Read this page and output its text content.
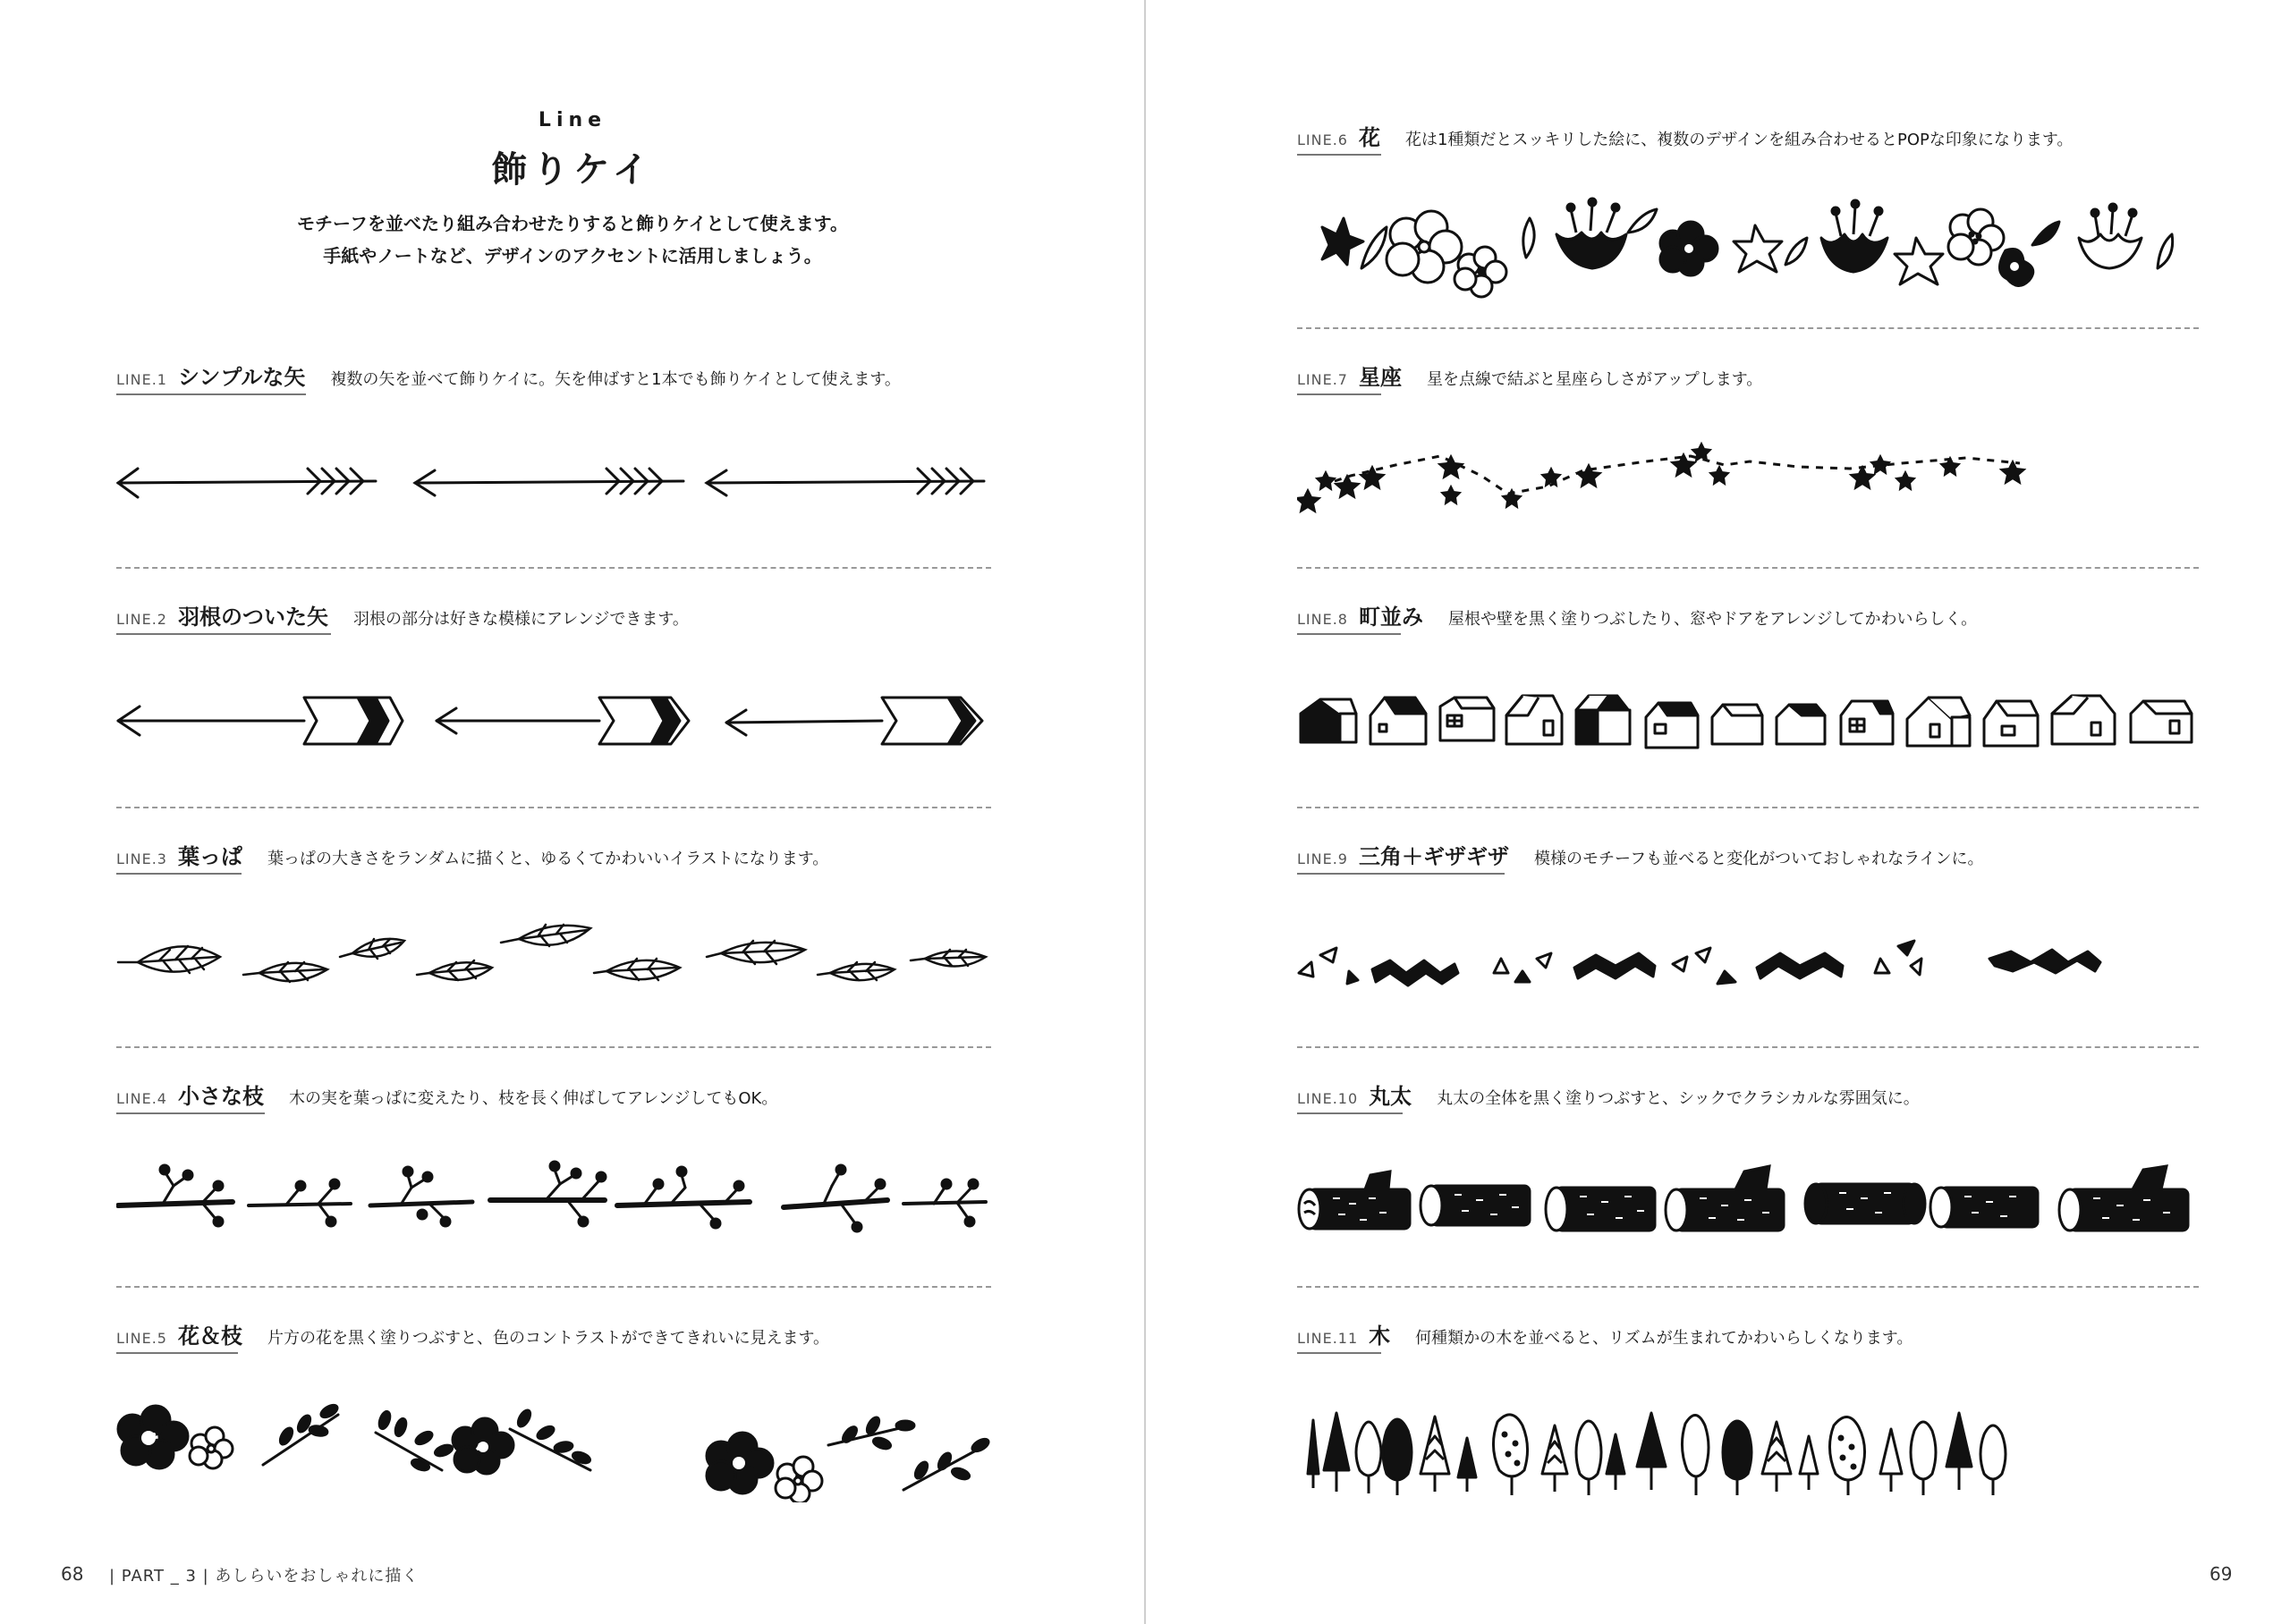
Line
飾りケイ
モチーフを並べたり組み合わせたりすると飾りケイとして使えます。
手紙やノートなど、デザインのアクセントに活用しましょう。
LINE.1 シンプルな矢 複数の矢を並べて飾りケイに。矢を伸ばすと1本でも飾りケイとして使えます。
LINE.2 羽根のついた矢 羽根の部分は好きな模様にアレンジできます。
LINE.3 葉っぱ 葉っぱの大きさをランダムに描くと、ゆるくてかわいいイラストになります。
LINE.4 小さな枝 木の実を葉っぱに変えたり、枝を長く伸ばしてアレンジしてもOK。
LINE.5 花＆枝 片方の花を黒く塗りつぶすと、色のコントラストができてきれいに見えます。
68 | PART _ 3 | あしらいをおしゃれに描く
LINE.6 花 花は1種類だとスッキリした絵に、複数のデザインを組み合わせるとPOPな印象になります。
LINE.7 星座 星を点線で結ぶと星座らしさがアップします。
LINE.8 町並み 屋根や壁を黒く塗りつぶしたり、窓やドアをアレンジしてかわいらしく。
LINE.9 三角＋ギザギザ 模様のモチーフも並べると変化がついておしゃれなラインに。
LINE.10 丸太 丸太の全体を黒く塗りつぶすと、シックでクラシカルな雰囲気に。
LINE.11 木 何種類かの木を並べると、リズムが生まれてかわいらしくなります。
69
